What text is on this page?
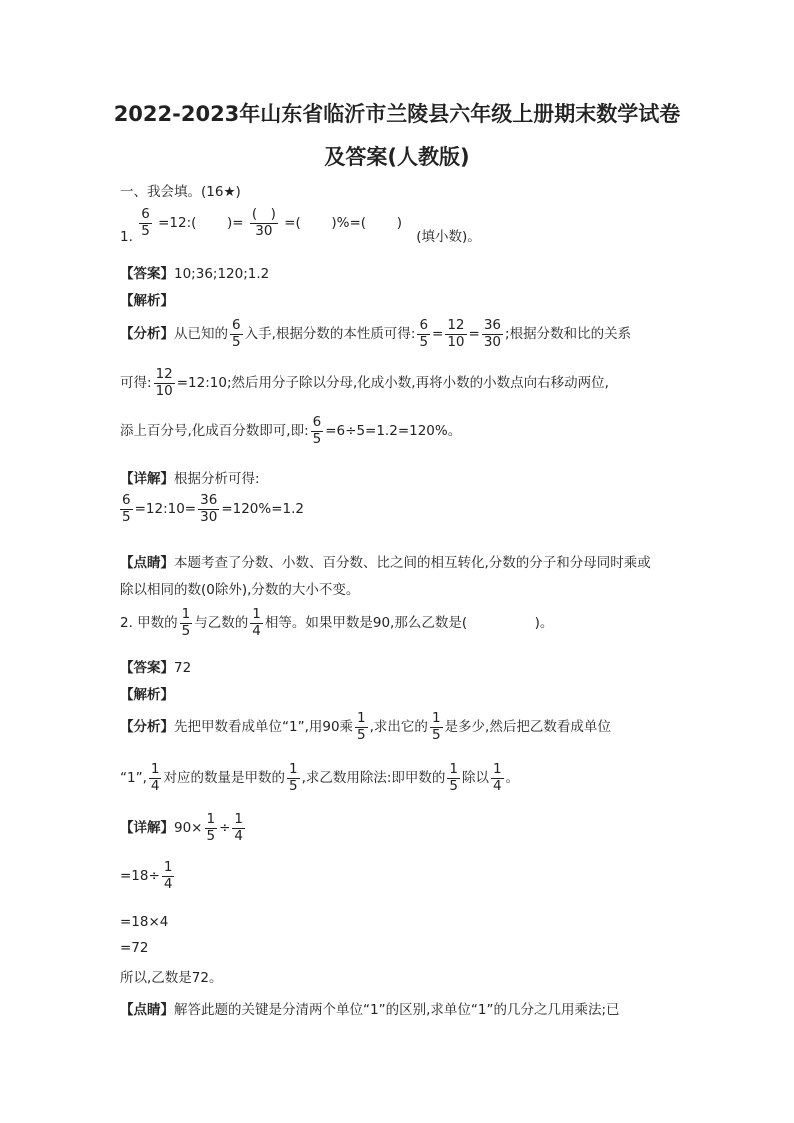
2022-2023年山东省临沂市兰陵县六年级上册期末数学试卷
及答案(人教版)
一、我会填。(16★)
1. $\frac{6}{5}$ =12:( )=
(　)
30 =( )%=( ) (填小数)。
【答案】10;36;120;1.2
【解析】
【分析】从已知的 $\frac{6}{5}$ 入手,根据分数的本性质可得: $\frac{6}{5} = \frac{12}{10} = \frac{36}{30}$ ;根据分数和比的关系
可得: $\frac{12}{10}$ =12:10;然后用分子除以分母,化成小数,再将小数的小数点向右移动两位,
添上百分号,化成百分数即可,即: $\frac{6}{5} =6\div 5=1.2=120\%$。
【详解】根据分析可得:
$\frac{6}{5}$ =12:10= $\frac{36}{30} =120\%=1.2$
【点睛】本题考查了分数、小数、百分数、比之间的相互转化,分数的分子和分母同时乘或
除以相同的数(0除外),分数的大小不变。
2. 甲数的 $\frac{1}{5}$ 与乙数的 $\frac{1}{4}$ 相等。如果甲数是90,那么乙数是(　　　　　)。
【答案】72
【解析】
【分析】先把甲数看成单位“1”,用90乘 $\frac{1}{5}$ ,求出它的 $\frac{1}{5}$ 是多少,然后把乙数看成单位
“1”, $\frac{1}{4}$ 对应的数量是甲数的 $\frac{1}{5}$ ,求乙数用除法:即甲数的 $\frac{1}{5}$ 除以 $\frac{1}{4}$ 。
【详解】$90\times \frac{1}{5} \div \frac{1}{4}$
$=18\div \frac{1}{4}$
=18×4
=72
所以,乙数是72。
【点睛】解答此题的关键是分清两个单位“1”的区别,求单位“1”的几分之几用乘法;已
